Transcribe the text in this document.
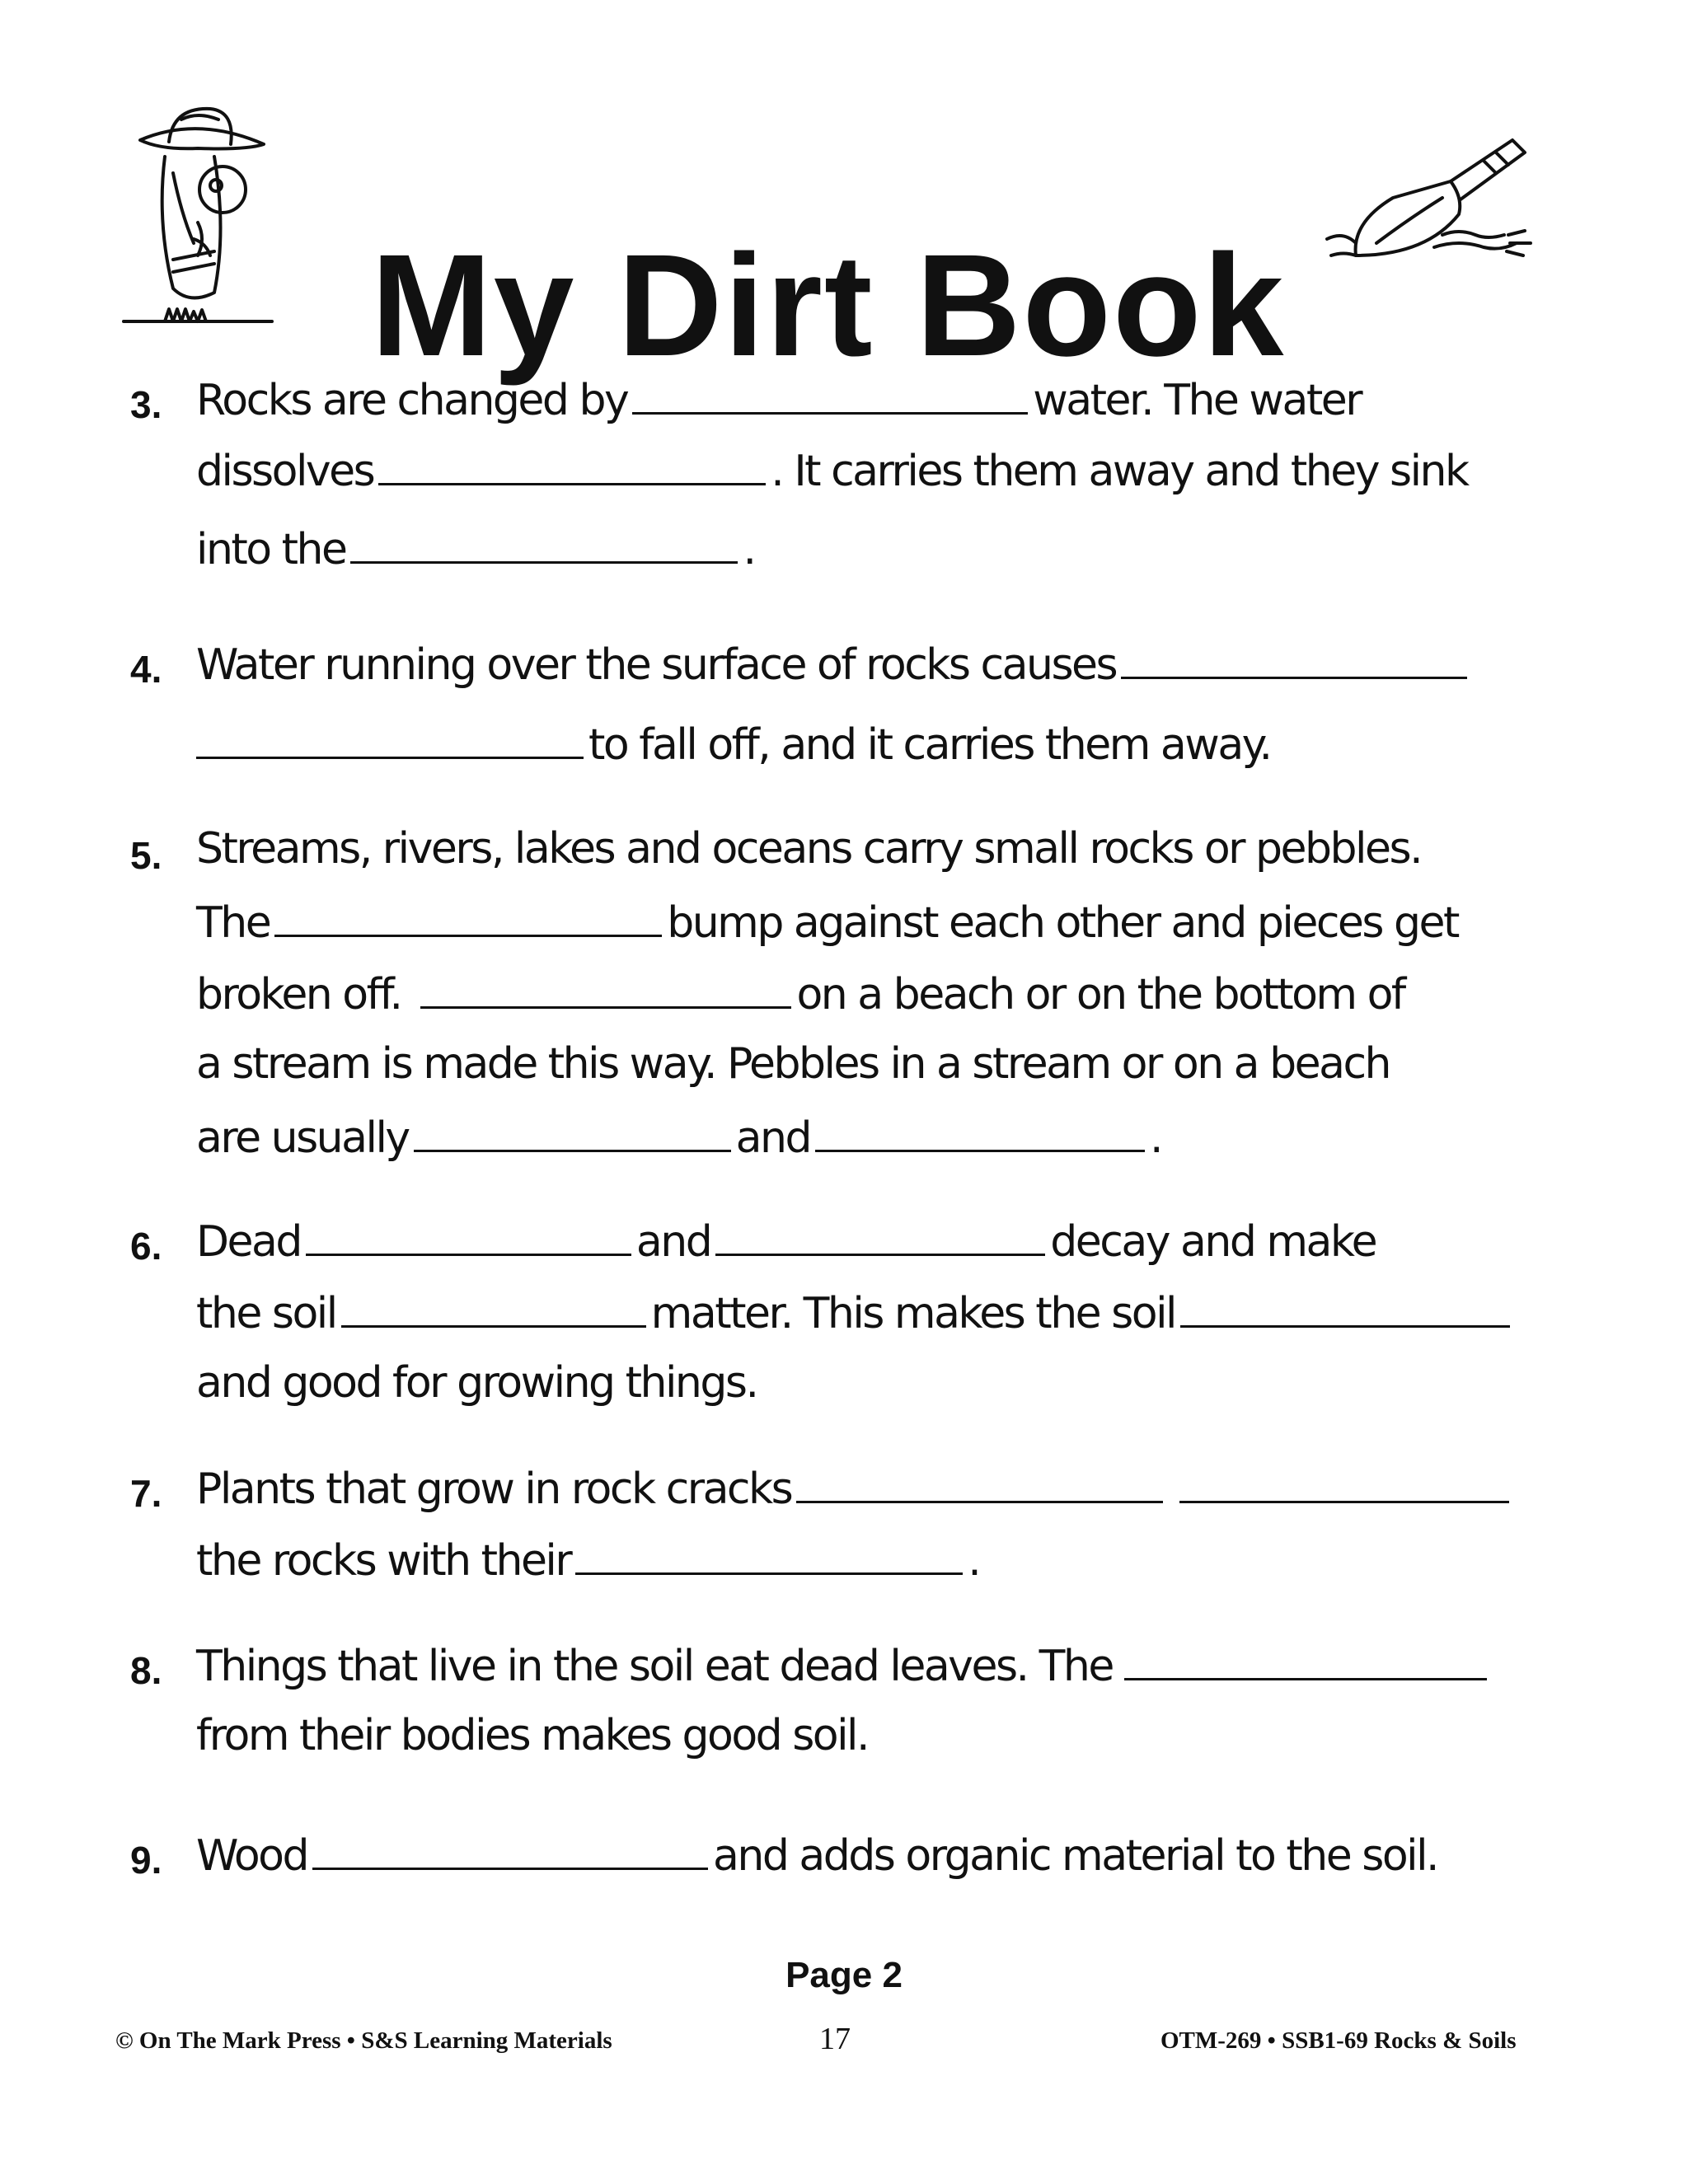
My Dirt Book
3. Rocks are changed by	water. The water
dissolves	. It carries them away and they sink
into the	.
4. Water running over the surface of rocks causes
to fall off, and it carries them away.
5. Streams, rivers, lakes and oceans carry small rocks or pebbles.
The	bump against each other and pieces get
broken off.	on a beach or on the bottom of
a stream is made this way. Pebbles in a stream or on a beach
are usually	and	.
6. Dead	and	decay and make
the soil	matter. This makes the soil
and good for growing things.
7. Plants that grow in rock cracks
the rocks with their	.
8. Things that live in the soil eat dead leaves. The
from their bodies makes good soil.
9. Wood	and adds organic material to the soil.
Page 2
© On The Mark Press • S&S Learning Materials	17	OTM-269 • SSB1-69 Rocks & Soils
